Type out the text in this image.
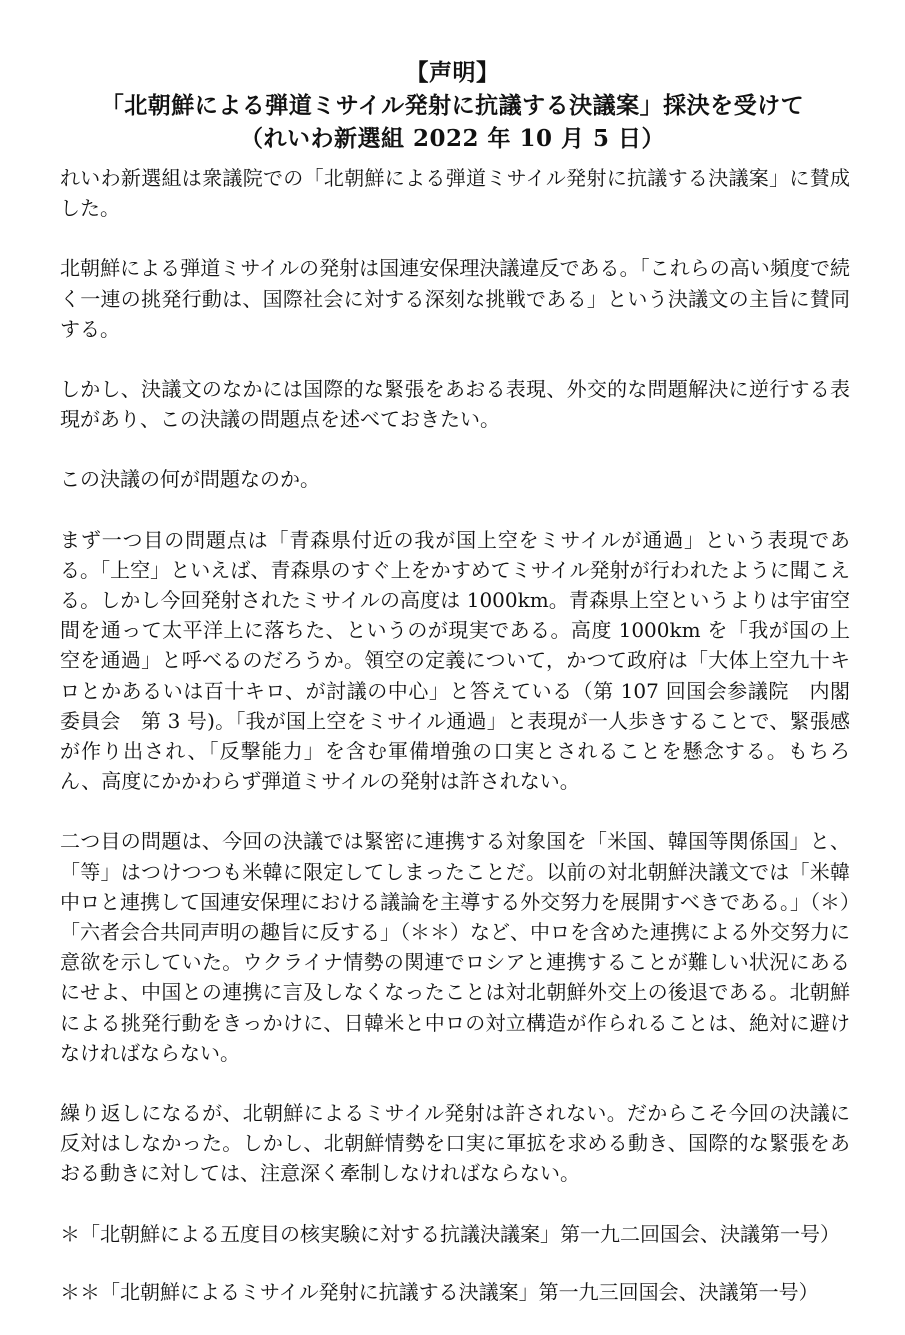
【声明】
「北朝鮮による弾道ミサイル発射に抗議する決議案」採決を受けて
（れいわ新選組 2022 年 10 月 5 日）

れいわ新選組は衆議院での「北朝鮮による弾道ミサイル発射に抗議する決議案」に賛成した。

北朝鮮による弾道ミサイルの発射は国連安保理決議違反である。「これらの高い頻度で続く一連の挑発行動は、国際社会に対する深刻な挑戦である」という決議文の主旨に賛同する。

しかし、決議文のなかには国際的な緊張をあおる表現、外交的な問題解決に逆行する表現があり、この決議の問題点を述べておきたい。

この決議の何が問題なのか。

まず一つ目の問題点は「青森県付近の我が国上空をミサイルが通過」という表現である。「上空」といえば、青森県のすぐ上をかすめてミサイル発射が行われたように聞こえる。しかし今回発射されたミサイルの高度は 1000km。青森県上空というよりは宇宙空間を通って太平洋上に落ちた、というのが現実である。高度 1000km を「我が国の上空を通過」と呼べるのだろうか。領空の定義について，かつて政府は「大体上空九十キロとかあるいは百十キロ、が討議の中心」と答えている（第 107 回国会参議院　内閣委員会　第 3 号)。「我が国上空をミサイル通過」と表現が一人歩きすることで、緊張感が作り出され、「反撃能力」を含む軍備増強の口実とされることを懸念する。もちろん、高度にかかわらず弾道ミサイルの発射は許されない。

二つ目の問題は、今回の決議では緊密に連携する対象国を「米国、韓国等関係国」と、「等」はつけつつも米韓に限定してしまったことだ。以前の対北朝鮮決議文では「米韓中ロと連携して国連安保理における議論を主導する外交努力を展開すべきである。」（＊）「六者会合共同声明の趣旨に反する」（＊＊）など、中ロを含めた連携による外交努力に意欲を示していた。ウクライナ情勢の関連でロシアと連携することが難しい状況にあるにせよ、中国との連携に言及しなくなったことは対北朝鮮外交上の後退である。北朝鮮による挑発行動をきっかけに、日韓米と中ロの対立構造が作られることは、絶対に避けなければならない。

繰り返しになるが、北朝鮮によるミサイル発射は許されない。だからこそ今回の決議に反対はしなかった。しかし、北朝鮮情勢を口実に軍拡を求める動き、国際的な緊張をあおる動きに対しては、注意深く牽制しなければならない。

＊「北朝鮮による五度目の核実験に対する抗議決議案」第一九二回国会、決議第一号）

＊＊「北朝鮮によるミサイル発射に抗議する決議案」第一九三回国会、決議第一号）
